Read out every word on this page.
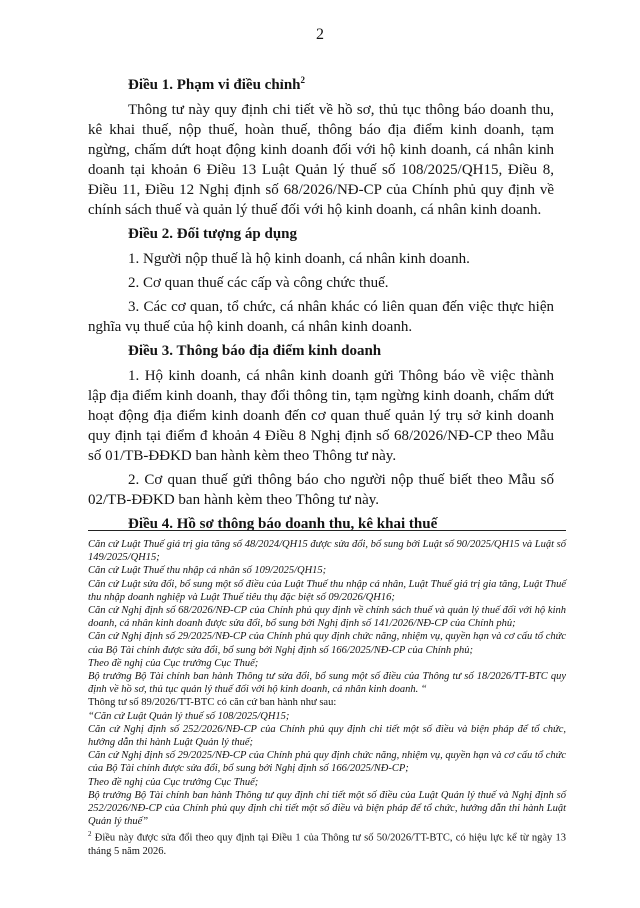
2
Điều 1. Phạm vi điều chỉnh$^2$

Thông tư này quy định chi tiết về hồ sơ, thủ tục thông báo doanh thu, kê khai thuế, nộp thuế, hoàn thuế, thông báo địa điểm kinh doanh, tạm ngừng, chấm dứt hoạt động kinh doanh đối với hộ kinh doanh, cá nhân kinh doanh tại khoản 6 Điều 13 Luật Quản lý thuế số 108/2025/QH15, Điều 8, Điều 11, Điều 12 Nghị định số 68/2026/NĐ-CP của Chính phủ quy định về chính sách thuế và quản lý thuế đối với hộ kinh doanh, cá nhân kinh doanh.

Điều 2. Đối tượng áp dụng

1. Người nộp thuế là hộ kinh doanh, cá nhân kinh doanh.

2. Cơ quan thuế các cấp và công chức thuế.

3. Các cơ quan, tổ chức, cá nhân khác có liên quan đến việc thực hiện nghĩa vụ thuế của hộ kinh doanh, cá nhân kinh doanh.

Điều 3. Thông báo địa điểm kinh doanh

1. Hộ kinh doanh, cá nhân kinh doanh gửi Thông báo về việc thành lập địa điểm kinh doanh, thay đổi thông tin, tạm ngừng kinh doanh, chấm dứt hoạt động địa điểm kinh doanh đến cơ quan thuế quản lý trụ sở kinh doanh quy định tại điểm đ khoản 4 Điều 8 Nghị định số 68/2026/NĐ-CP theo Mẫu số 01/TB-ĐĐKD ban hành kèm theo Thông tư này.

2. Cơ quan thuế gửi thông báo cho người nộp thuế biết theo Mẫu số 02/TB-ĐĐKD ban hành kèm theo Thông tư này.

Điều 4. Hồ sơ thông báo doanh thu, kê khai thuế

Căn cứ Luật Thuế giá trị gia tăng số 48/2024/QH15 được sửa đổi, bổ sung bởi Luật số 90/2025/QH15 và Luật số 149/2025/QH15;

Căn cứ Luật Thuế thu nhập cá nhân số 109/2025/QH15;

Căn cứ Luật sửa đổi, bổ sung một số điều của Luật Thuế thu nhập cá nhân, Luật Thuế giá trị gia tăng, Luật Thuế thu nhập doanh nghiệp và Luật Thuế tiêu thụ đặc biệt số 09/2026/QH16;

Căn cứ Nghị định số 68/2026/NĐ-CP của Chính phủ quy định về chính sách thuế và quản lý thuế đối với hộ kinh doanh, cá nhân kinh doanh được sửa đổi, bổ sung bởi Nghị định số 141/2026/NĐ-CP của Chính phủ;

Căn cứ Nghị định số 29/2025/NĐ-CP của Chính phủ quy định chức năng, nhiệm vụ, quyền hạn và cơ cấu tổ chức của Bộ Tài chính được sửa đổi, bổ sung bởi Nghị định số 166/2025/NĐ-CP của Chính phủ;

Theo đề nghị của Cục trưởng Cục Thuế;

Bộ trưởng Bộ Tài chính ban hành Thông tư sửa đổi, bổ sung một số điều của Thông tư số 18/2026/TT-BTC quy định về hồ sơ, thủ tục quản lý thuế đối với hộ kinh doanh, cá nhân kinh doanh. “

Thông tư số 89/2026/TT-BTC có căn cứ ban hành như sau:

“Căn cứ Luật Quản lý thuế số 108/2025/QH15;

Căn cứ Nghị định số 252/2026/NĐ-CP của Chính phủ quy định chi tiết một số điều và biện pháp để tổ chức, hướng dẫn thi hành Luật Quản lý thuế;

Căn cứ Nghị định số 29/2025/NĐ-CP của Chính phủ quy định chức năng, nhiệm vụ, quyền hạn và cơ cấu tổ chức của Bộ Tài chính được sửa đổi, bổ sung bởi Nghị định số 166/2025/NĐ-CP;

Theo đề nghị của Cục trưởng Cục Thuế;

Bộ trưởng Bộ Tài chính ban hành Thông tư quy định chi tiết một số điều của Luật Quản lý thuế và Nghị định số 252/2026/NĐ-CP của Chính phủ quy định chi tiết một số điều và biện pháp để tổ chức, hướng dẫn thi hành Luật Quản lý thuế”

$^2$ Điều này được sửa đổi theo quy định tại Điều 1 của Thông tư số 50/2026/TT-BTC, có hiệu lực kể từ ngày 13 tháng 5 năm 2026.
